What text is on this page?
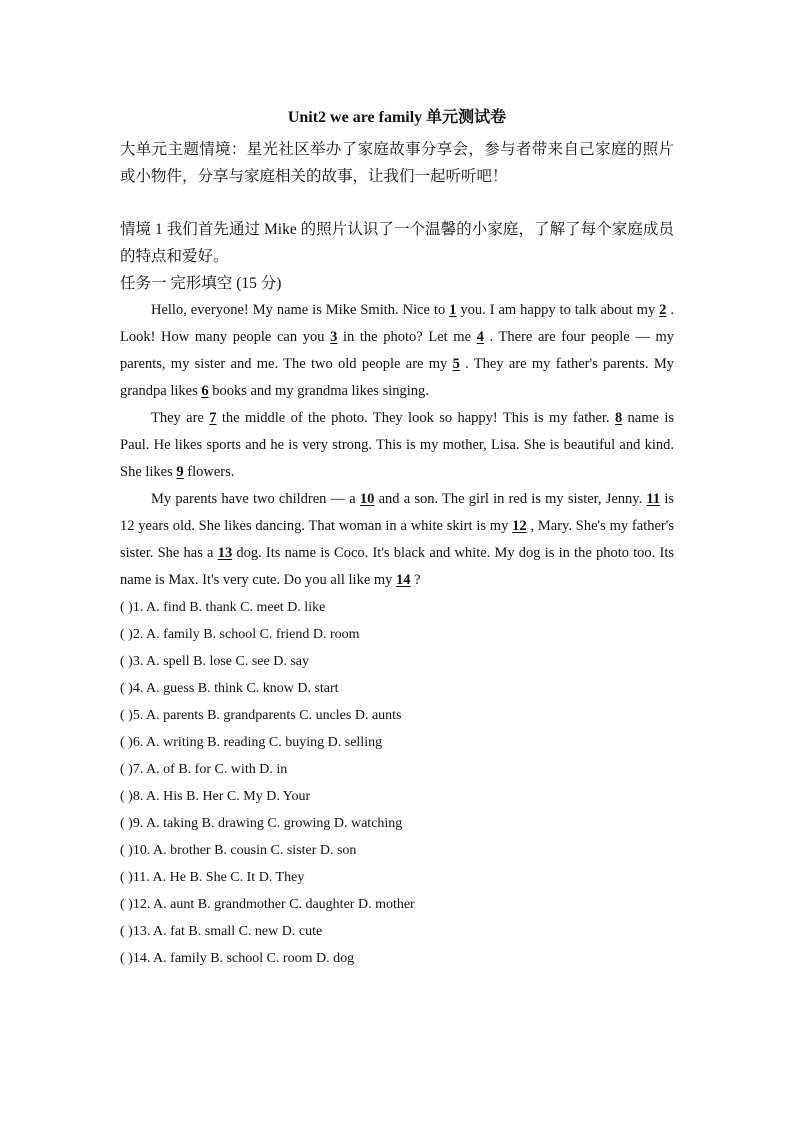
Unit2 we are family 单元测试卷
大单元主题情境：星光社区举办了家庭故事分享会，参与者带来自己家庭的照片或小物件，分享与家庭相关的故事，让我们一起听听吧！
情境 1 我们首先通过 Mike 的照片认识了一个温馨的小家庭，了解了每个家庭成员的特点和爱好。
任务一 完形填空 (15 分)
Hello, everyone! My name is Mike Smith. Nice to 1 you. I am happy to talk about my 2 . Look! How many people can you 3 in the photo? Let me 4 . There are four people — my parents, my sister and me. The two old people are my 5 . They are my father's parents. My grandpa likes 6 books and my grandma likes singing.
They are 7 the middle of the photo. They look so happy! This is my father. 8 name is Paul. He likes sports and he is very strong. This is my mother, Lisa. She is beautiful and kind. She likes 9 flowers.
My parents have two children — a 10 and a son. The girl in red is my sister, Jenny. 11 is 12 years old. She likes dancing. That woman in a white skirt is my 12 , Mary. She's my father's sister. She has a 13 dog. Its name is Coco. It's black and white. My dog is in the photo too. Its name is Max. It's very cute. Do you all like my 14 ?
( )1. A. find B. thank C. meet D. like
( )2. A. family B. school C. friend D. room
( )3. A. spell B. lose C. see D. say
( )4. A. guess B. think C. know D. start
( )5. A. parents B. grandparents C. uncles D. aunts
( )6. A. writing B. reading C. buying D. selling
( )7. A. of B. for C. with D. in
( )8. A. His B. Her C. My D. Your
( )9. A. taking B. drawing C. growing D. watching
( )10. A. brother B. cousin C. sister D. son
( )11. A. He B. She C. It D. They
( )12. A. aunt B. grandmother C. daughter D. mother
( )13. A. fat B. small C. new D. cute
( )14. A. family B. school C. room D. dog
